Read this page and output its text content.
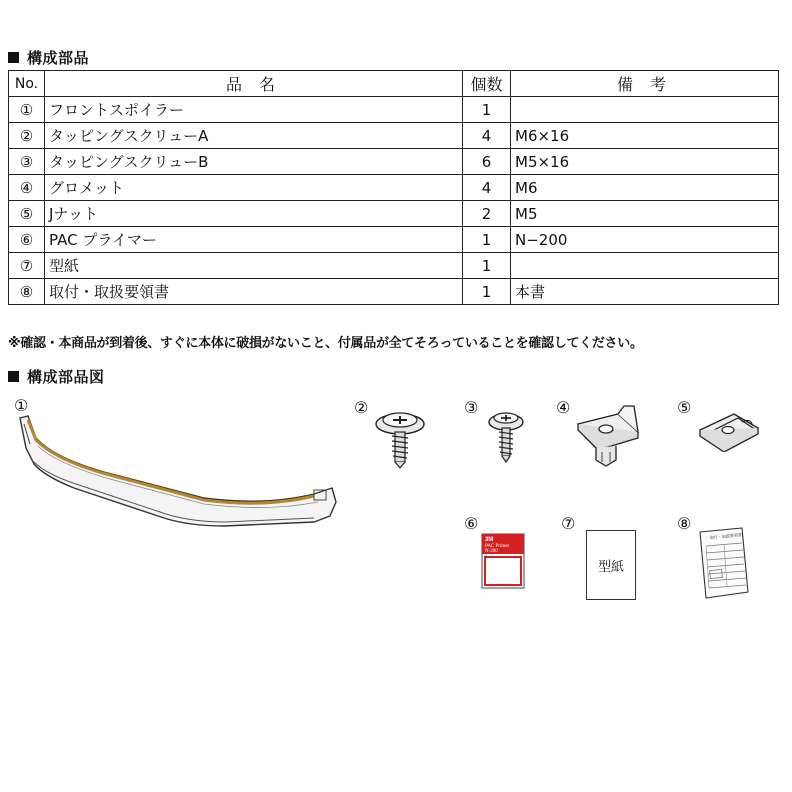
構成部品
No.	品 名	個数	備 考
①	フロントスポイラー	1	
②	タッピングスクリューA	4	M6×16
③	タッピングスクリューB	6	M5×16
④	グロメット	4	M6
⑤	Jナット	2	M5
⑥	PAC プライマー	1	N−200
⑦	型紙	1	
⑧	取付・取扱要領書	1	本書
※確認・本商品が到着後、すぐに本体に破損がないこと、付属品が全てそろっていることを確認してください。
構成部品図
①	②	③	④	⑤
⑥	⑦	⑧
3M
PAC Primer
N-200
型紙
取付・取扱要領書
